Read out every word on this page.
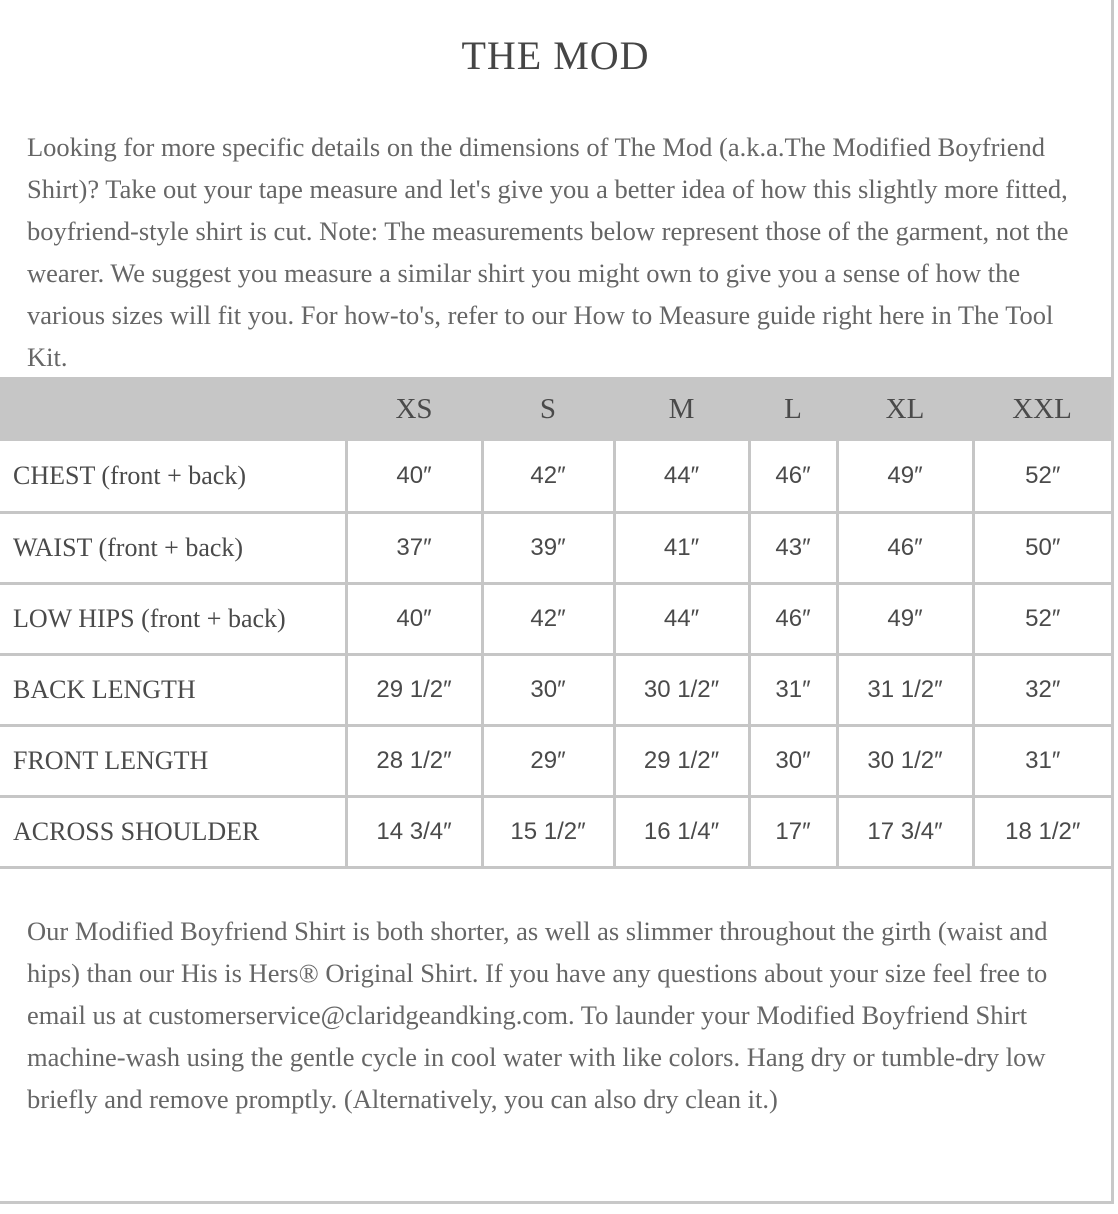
THE MOD

Looking for more specific details on the dimensions of The Mod (a.k.a.The Modified Boyfriend Shirt)? Take out your tape measure and let's give you a better idea of how this slightly more fitted, boyfriend-style shirt is cut. Note: The measurements below represent those of the garment, not the wearer. We suggest you measure a similar shirt you might own to give you a sense of how the various sizes will fit you. For how-to's, refer to our How to Measure guide right here in The Tool Kit.

	XS	S	M	L	XL	XXL
CHEST (front + back)	40″	42″	44″	46″	49″	52″
WAIST (front + back)	37″	39″	41″	43″	46″	50″
LOW HIPS (front + back)	40″	42″	44″	46″	49″	52″
BACK LENGTH	29 1/2″	30″	30 1/2″	31″	31 1/2″	32″
FRONT LENGTH	28 1/2″	29″	29 1/2″	30″	30 1/2″	31″
ACROSS SHOULDER	14 3/4″	15 1/2″	16 1/4″	17″	17 3/4″	18 1/2″

Our Modified Boyfriend Shirt is both shorter, as well as slimmer throughout the girth (waist and hips) than our His is Hers® Original Shirt. If you have any questions about your size feel free to email us at customerservice@claridgeandking.com. To launder your Modified Boyfriend Shirt machine-wash using the gentle cycle in cool water with like colors. Hang dry or tumble-dry low briefly and remove promptly. (Alternatively, you can also dry clean it.)
